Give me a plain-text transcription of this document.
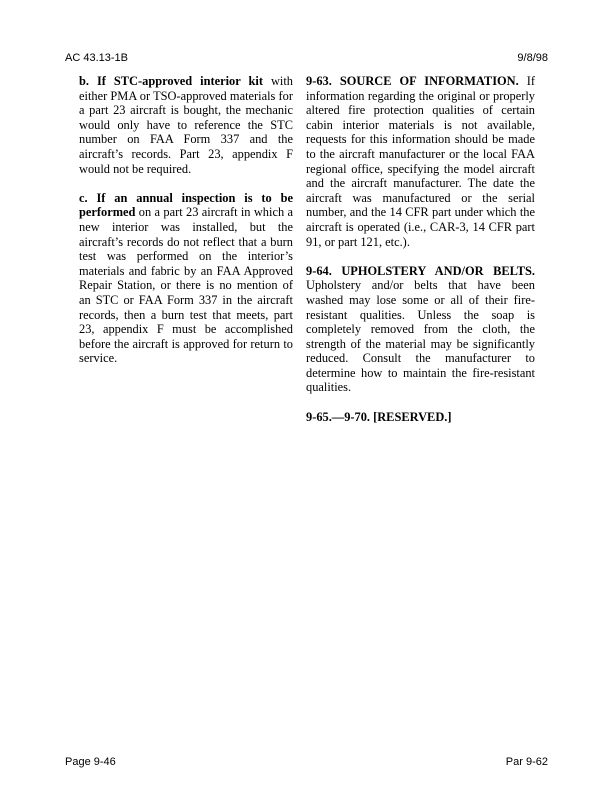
AC 43.13-1B	9/8/98

b. If STC-approved interior kit with either PMA or TSO-approved materials for a part 23 aircraft is bought, the mechanic would only have to reference the STC number on FAA Form 337 and the aircraft’s records. Part 23, appendix F would not be required.

c. If an annual inspection is to be performed on a part 23 aircraft in which a new interior was installed, but the aircraft’s records do not reflect that a burn test was performed on the interior’s materials and fabric by an FAA Approved Repair Station, or there is no mention of an STC or FAA Form 337 in the aircraft records, then a burn test that meets, part 23, appendix F must be accomplished before the aircraft is approved for return to service.

9-63. SOURCE OF INFORMATION. If information regarding the original or properly altered fire protection qualities of certain cabin interior materials is not available, requests for this information should be made to the aircraft manufacturer or the local FAA regional office, specifying the model aircraft and the aircraft manufacturer. The date the aircraft was manufactured or the serial number, and the 14 CFR part under which the aircraft is operated (i.e., CAR-3, 14 CFR part 91, or part 121, etc.).

9-64. UPHOLSTERY AND/OR BELTS. Upholstery and/or belts that have been washed may lose some or all of their fire-resistant qualities. Unless the soap is completely removed from the cloth, the strength of the material may be significantly reduced. Consult the manufacturer to determine how to maintain the fire-resistant qualities.

9-65.—9-70. [RESERVED.]

Page 9-46	Par 9-62
